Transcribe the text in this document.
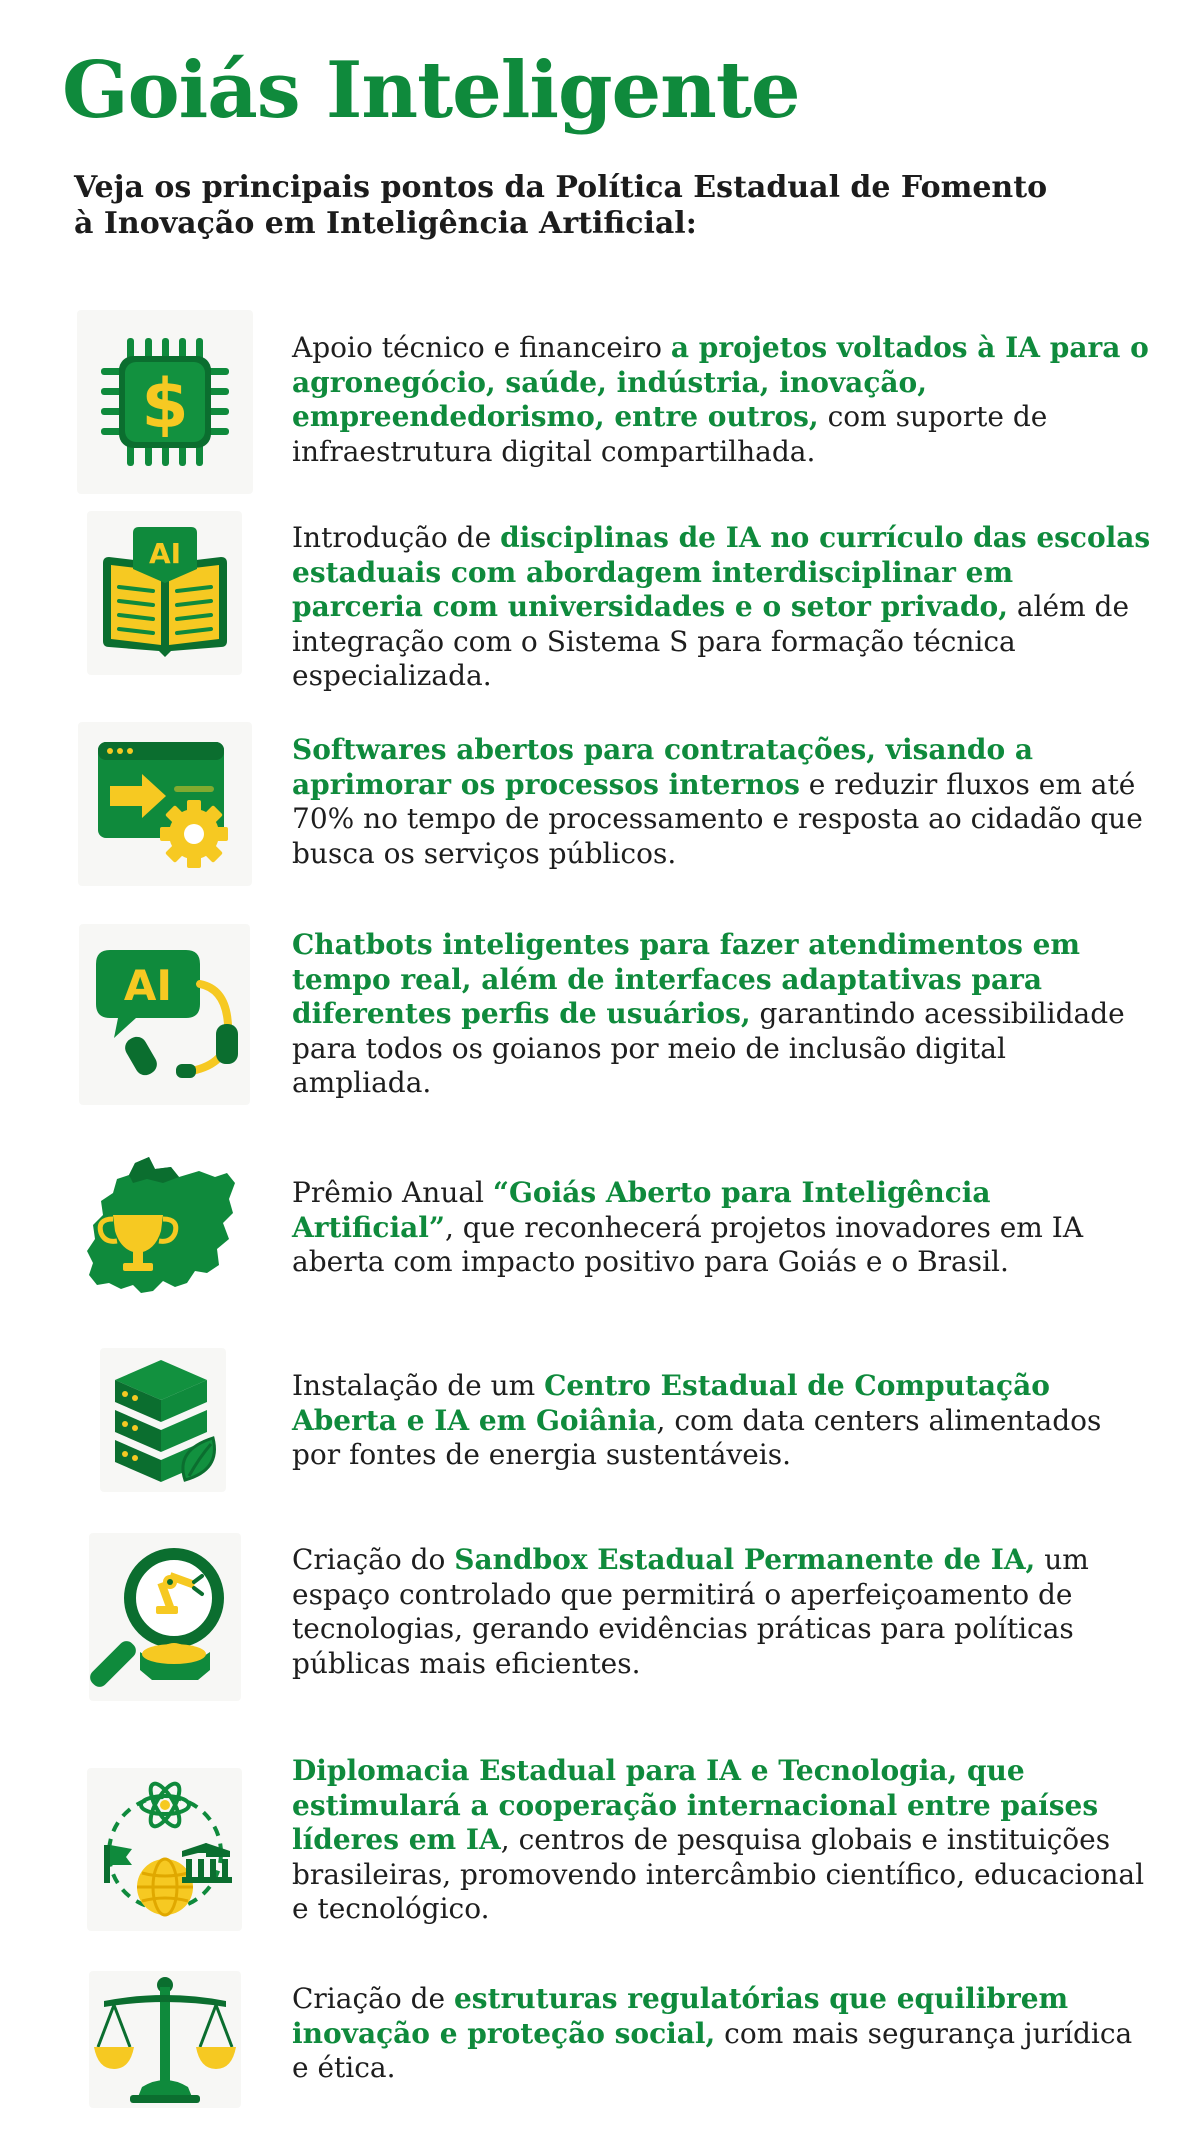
Goiás Inteligente

Veja os principais pontos da Política Estadual de Fomento à Inovação em Inteligência Artificial:

$
Apoio técnico e financeiro a projetos voltados à IA para o agronegócio, saúde, indústria, inovação, empreendedorismo, entre outros, com suporte de infraestrutura digital compartilhada.
AI	Introdução de disciplinas de IA no currículo das escolas estaduais com abordagem interdisciplinar em parceria com universidades e o setor privado, além de integração com o Sistema S para formação técnica especializada.
Softwares abertos para contratações, visando a aprimorar os processos internos e reduzir fluxos em até 70% no tempo de processamento e resposta ao cidadão que busca os serviços públicos.
AI
Chatbots inteligentes para fazer atendimentos em tempo real, além de interfaces adaptativas para diferentes perfis de usuários, garantindo acessibilidade para todos os goianos por meio de inclusão digital ampliada.
Prêmio Anual “Goiás Aberto para Inteligência Artificial”, que reconhecerá projetos inovadores em IA aberta com impacto positivo para Goiás e o Brasil.
Instalação de um Centro Estadual de Computação Aberta e IA em Goiânia, com data centers alimentados por fontes de energia sustentáveis.
Criação do Sandbox Estadual Permanente de IA, um espaço controlado que permitirá o aperfeiçoamento de tecnologias, gerando evidências práticas para políticas públicas mais eficientes.
Diplomacia Estadual para IA e Tecnologia, que estimulará a cooperação internacional entre países líderes em IA, centros de pesquisa globais e instituições brasileiras, promovendo intercâmbio científico, educacional e tecnológico.
Criação de estruturas regulatórias que equilibrem inovação e proteção social, com mais segurança jurídica e ética.
